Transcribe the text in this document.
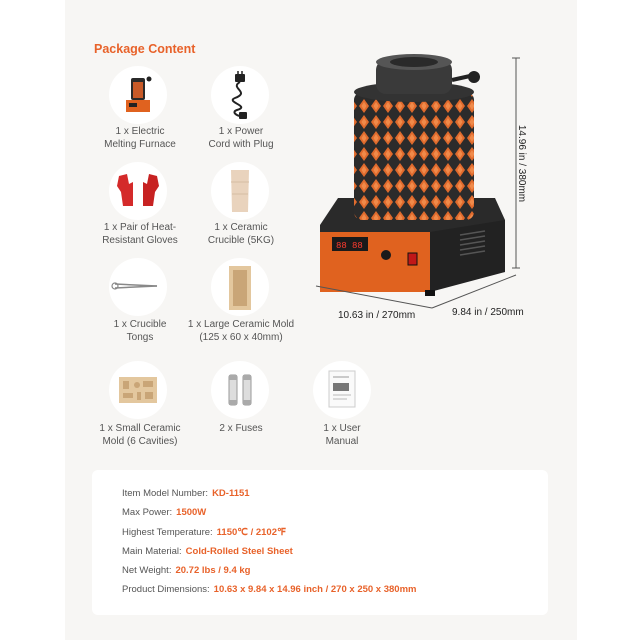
Package Content
1 x Electric
Melting Furnace
1 x Power
Cord with Plug
1 x Pair of Heat-
Resistant Gloves
1 x Ceramic
Crucible (5KG)
1 x Crucible
Tongs
1 x Large Ceramic Mold
(125 x 60 x 40mm)
1 x Small Ceramic
Mold (6 Cavities)
2 x Fuses	1 x User
Manual
88 88
14.96 in / 380mm
10.63 in / 270mm	9.84 in / 250mm
Item Model Number: KD-1151
Max Power: 1500W
Highest Temperature: 1150℃ / 2102℉
Main Material: Cold-Rolled Steel Sheet
Net Weight: 20.72 lbs / 9.4 kg
Product Dimensions: 10.63 x 9.84 x 14.96 inch / 270 x 250 x 380mm
